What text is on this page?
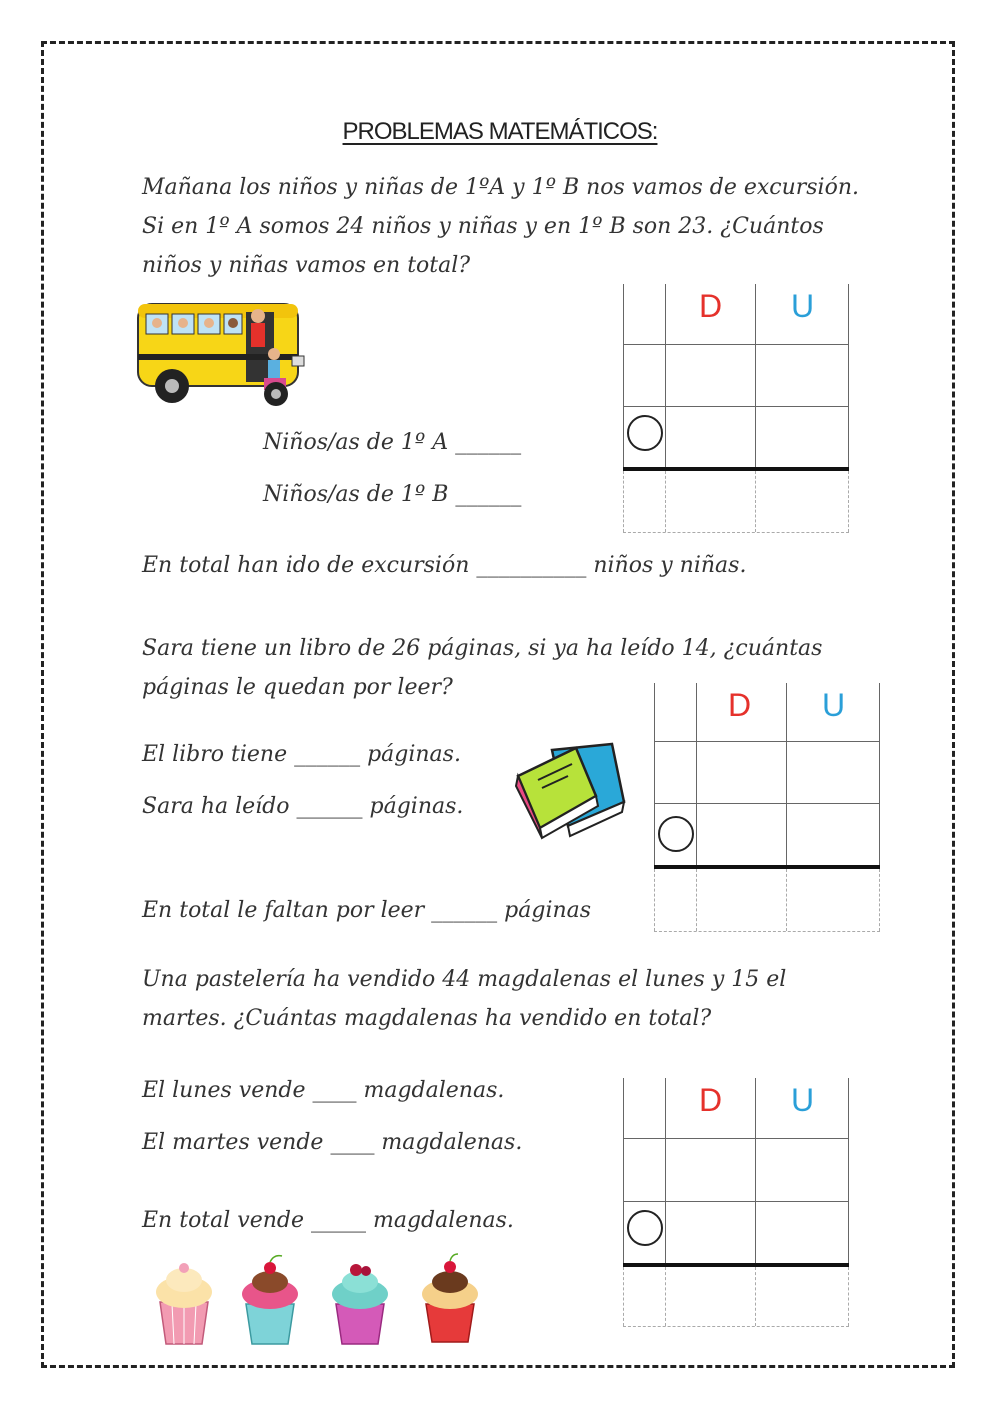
PROBLEMAS MATEMÁTICOS:

Mañana los niños y niñas de 1ºA y 1º B nos vamos de excursión. Si en 1º A somos 24 niños y niñas y en 1º B son 23. ¿Cuántos niños y niñas vamos en total?

Niños/as de 1º A ______
Niños/as de 1º B ______
En total han ido de excursión __________ niños y niñas.
D U
Sara tiene un libro de 26 páginas, si ya ha leído 14, ¿cuántas
páginas le quedan por leer?
El libro tiene ______ páginas.
Sara ha leído ______ páginas.
En total le faltan por leer ______ páginas
D U

Una pastelería ha vendido 44 magdalenas el lunes y 15 el martes. ¿Cuántas magdalenas ha vendido en total?

El lunes vende ____ magdalenas.
El martes vende ____ magdalenas.
En total vende _____ magdalenas.
D U
